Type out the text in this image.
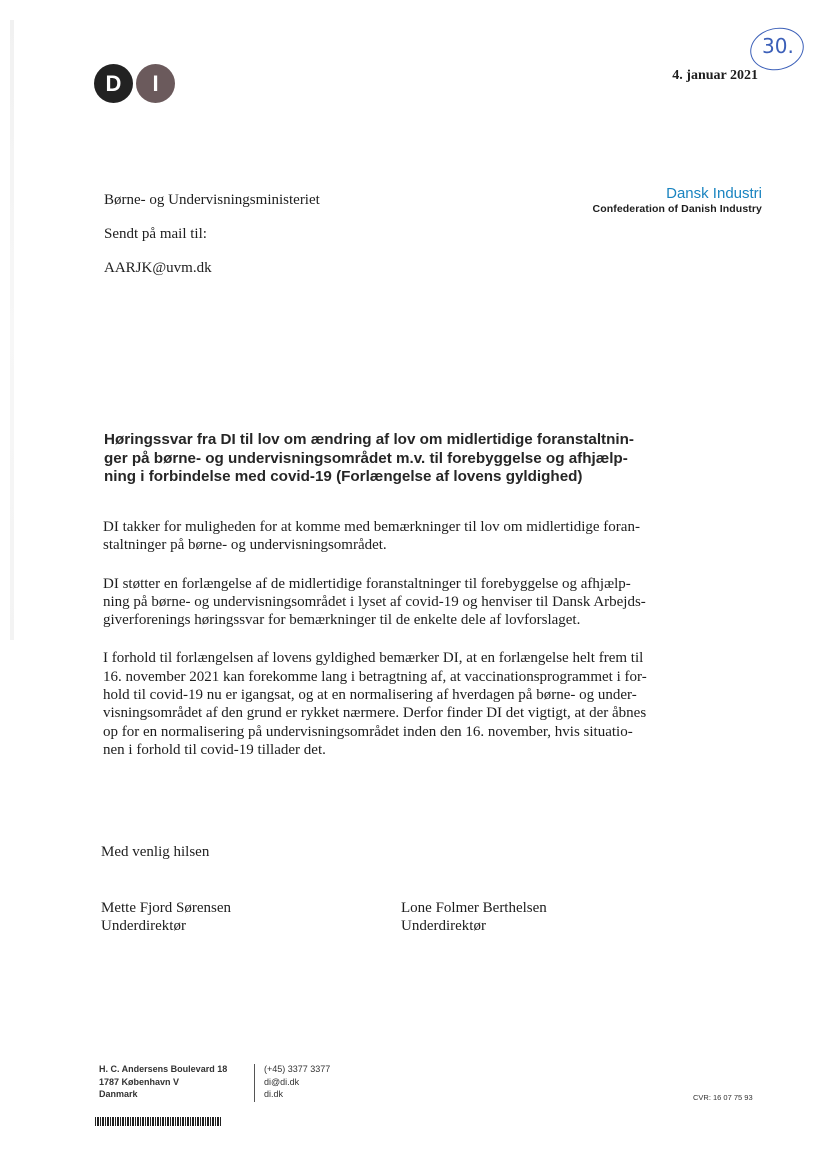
D	I	4. januar 2021
30.
Børne- og Undervisningsministeriet
Sendt på mail til:
AARJK@uvm.dk
Dansk Industri
Confederation of Danish Industry
Høringssvar fra DI til lov om ændring af lov om midlertidige foranstaltnin-
ger på børne- og undervisningsområdet m.v. til forebyggelse og afhjælp-
ning i forbindelse med covid-19 (Forlængelse af lovens gyldighed)

DI takker for muligheden for at komme med bemærkninger til lov om midlertidige foran-
staltninger på børne- og undervisningsområdet.

DI støtter en forlængelse af de midlertidige foranstaltninger til forebyggelse og afhjælp-
ning på børne- og undervisningsområdet i lyset af covid-19 og henviser til Dansk Arbejds-
giverforenings høringssvar for bemærkninger til de enkelte dele af lovforslaget.

I forhold til forlængelsen af lovens gyldighed bemærker DI, at en forlængelse helt frem til
16. november 2021 kan forekomme lang i betragtning af, at vaccinationsprogrammet i for-
hold til covid-19 nu er igangsat, og at en normalisering af hverdagen på børne- og under-
visningsområdet af den grund er rykket nærmere. Derfor finder DI det vigtigt, at der åbnes
op for en normalisering på undervisningsområdet inden den 16. november, hvis situatio-
nen i forhold til covid-19 tillader det.

Med venlig hilsen
Mette Fjord Sørensen
Underdirektør
Lone Folmer Berthelsen
Underdirektør
H. C. Andersens Boulevard 18
1787 København V
Danmark
(+45) 3377 3377
di@di.dk
di.dk	CVR: 16 07 75 93
